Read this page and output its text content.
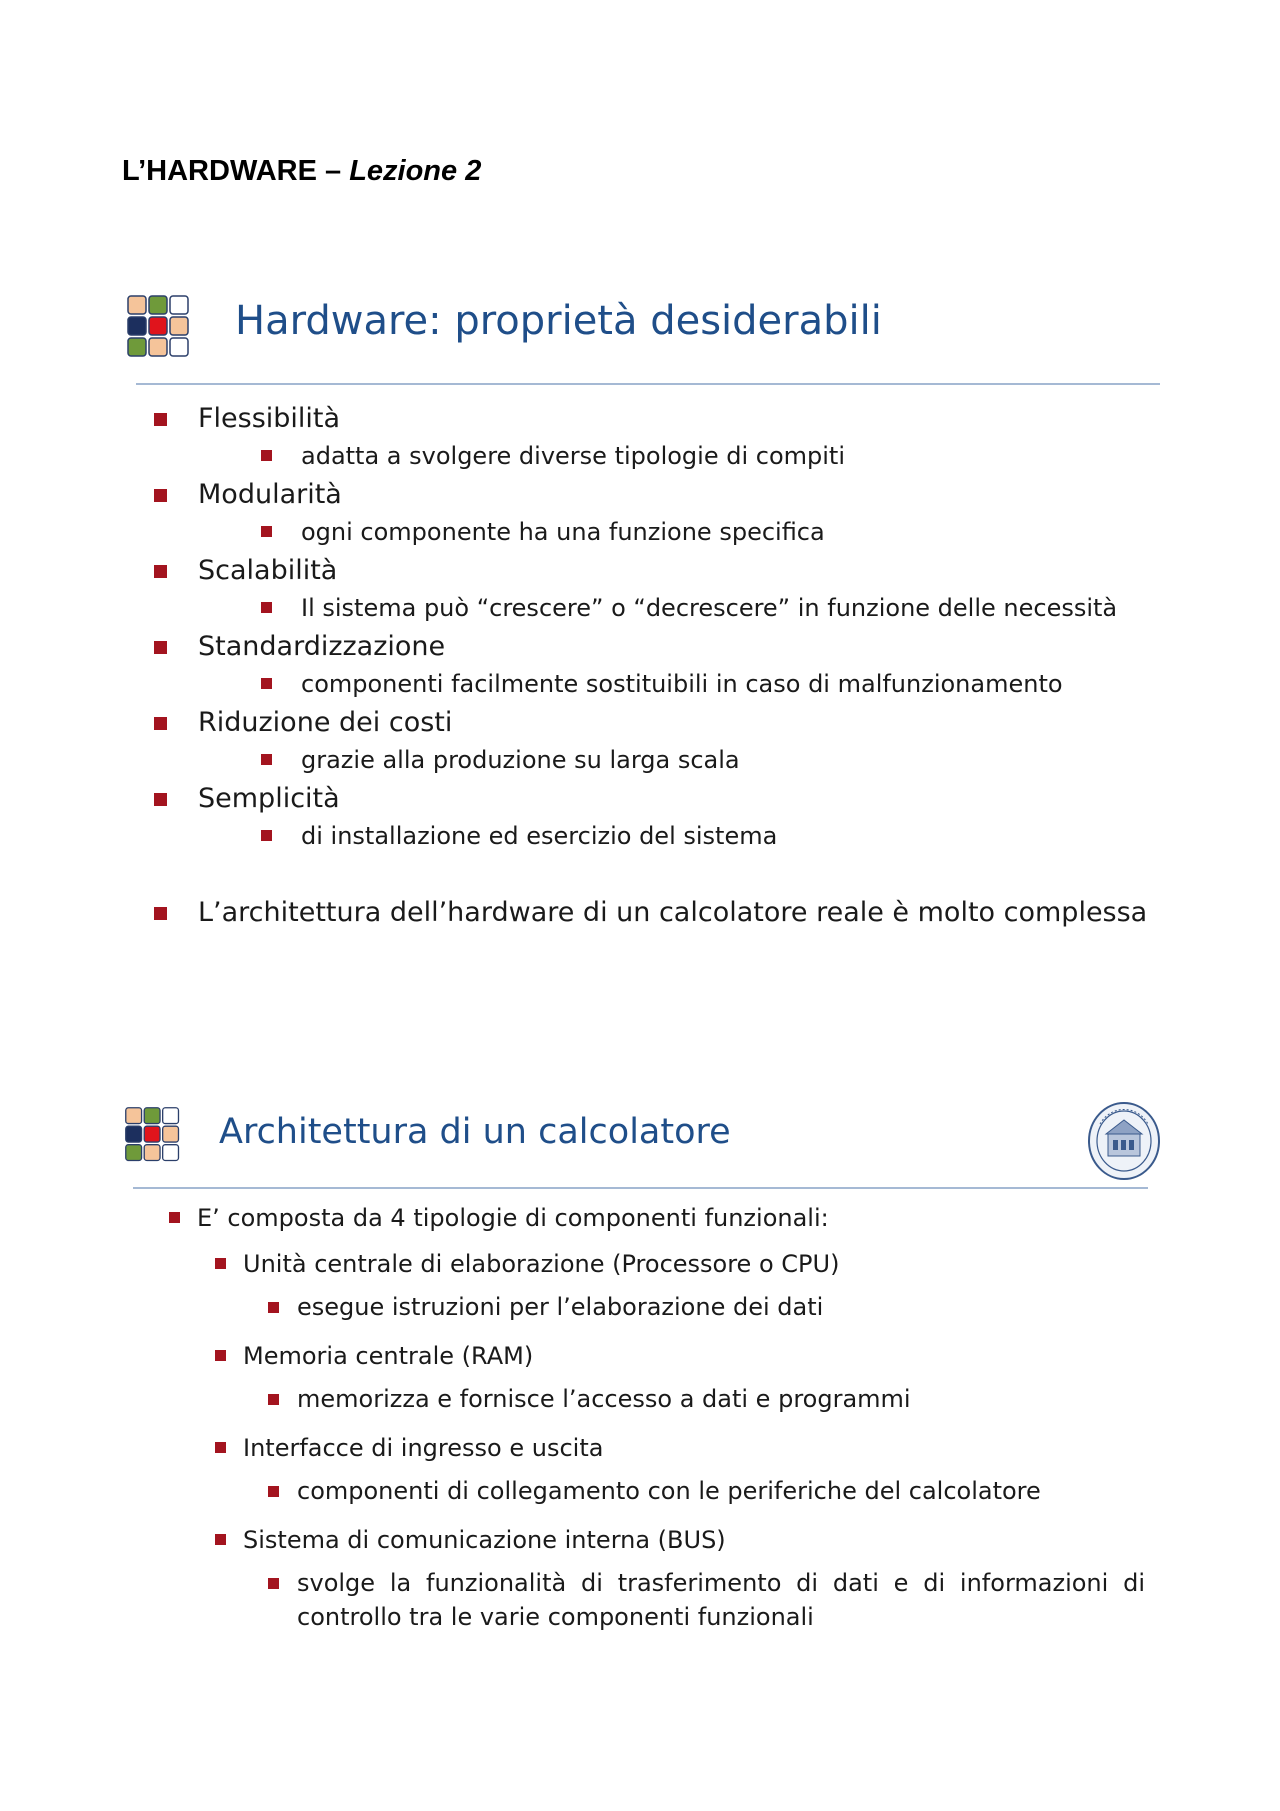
L’HARDWARE – Lezione 2
Hardware: proprietà desiderabili
Flessibilità
adatta a svolgere diverse tipologie di compiti
Modularità
ogni componente ha una funzione specifica
Scalabilità
Il sistema può “crescere” o “decrescere” in funzione delle necessità
Standardizzazione
componenti facilmente sostituibili in caso di malfunzionamento
Riduzione dei costi
grazie alla produzione su larga scala
Semplicità
di installazione ed esercizio del sistema
L’architettura dell’hardware di un calcolatore reale è molto complessa
Architettura di un calcolatore
E’ composta da 4 tipologie di componenti funzionali:
Unità centrale di elaborazione (Processore o CPU)
esegue istruzioni per l’elaborazione dei dati
Memoria centrale (RAM)
memorizza e fornisce l’accesso a dati e programmi
Interfacce di ingresso e uscita
componenti di collegamento con le periferiche del calcolatore
Sistema di comunicazione interna (BUS)
svolge la funzionalità di trasferimento di dati e di informazioni di controllo tra le varie componenti funzionali
